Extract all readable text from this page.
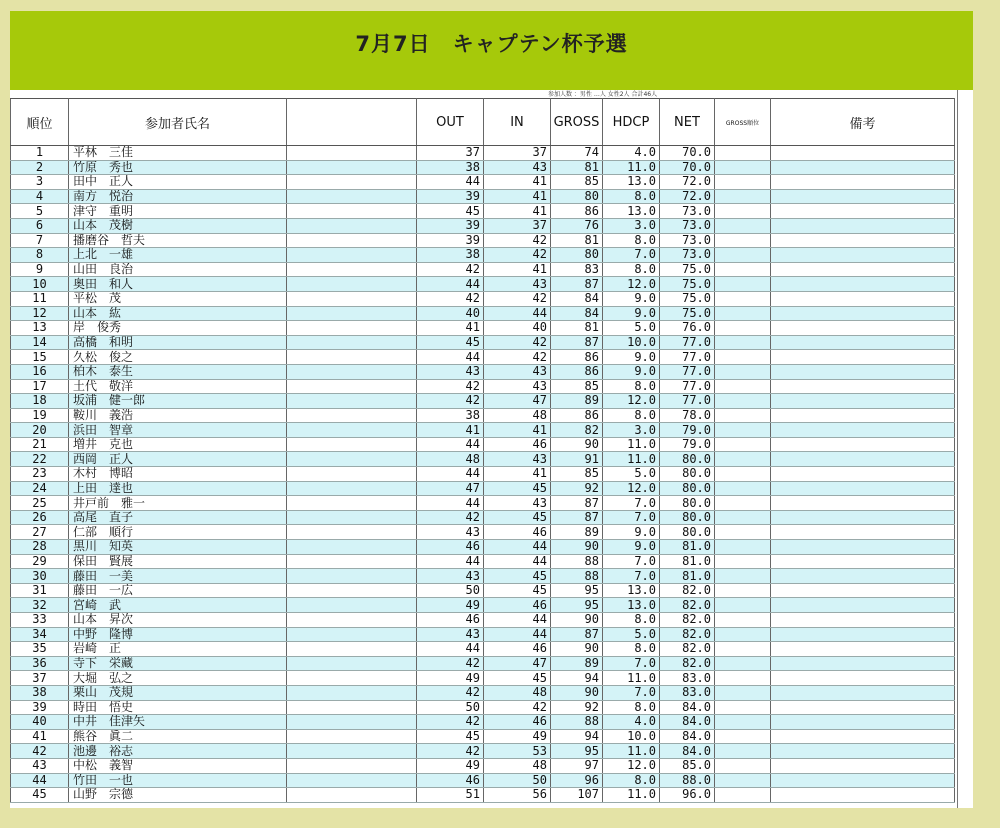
7月7日　キャプテン杯予選
順位	参加者氏名		OUT	IN	GROSS	HDCP	NET	GROSS順位	備考
1	平林　三佳		37	37	74	4.0	70.0		
2	竹原　秀也		38	43	81	11.0	70.0		
3	田中　正人		44	41	85	13.0	72.0		
4	南方　悦治		39	41	80	8.0	72.0		
5	津守　重明		45	41	86	13.0	73.0		
6	山本　茂樹		39	37	76	3.0	73.0		
7	播磨谷　哲夫		39	42	81	8.0	73.0		
8	上北　一雄		38	42	80	7.0	73.0		
9	山田　良治		42	41	83	8.0	75.0		
10	奥田　和人		44	43	87	12.0	75.0		
11	平松　茂		42	42	84	9.0	75.0		
12	山本　紘		40	44	84	9.0	75.0		
13	岸　俊秀		41	40	81	5.0	76.0		
14	高橋　和明		45	42	87	10.0	77.0		
15	久松　俊之		44	42	86	9.0	77.0		
16	柏木　泰生		43	43	86	9.0	77.0		
17	土代　敬洋		42	43	85	8.0	77.0		
18	坂浦　健一郎		42	47	89	12.0	77.0		
19	鞍川　義浩		38	48	86	8.0	78.0		
20	浜田　智章		41	41	82	3.0	79.0		
21	増井　克也		44	46	90	11.0	79.0		
22	西岡　正人		48	43	91	11.0	80.0		
23	木村　博昭		44	41	85	5.0	80.0		
24	上田　達也		47	45	92	12.0	80.0		
25	井戸前　雅一		44	43	87	7.0	80.0		
26	高尾　直子		42	45	87	7.0	80.0		
27	仁部　順行		43	46	89	9.0	80.0		
28	黒川　知英		46	44	90	9.0	81.0		
29	保田　賢展		44	44	88	7.0	81.0		
30	藤田　一美		43	45	88	7.0	81.0		
31	藤田　一広		50	45	95	13.0	82.0		
32	宮崎　武		49	46	95	13.0	82.0		
33	山本　昇次		46	44	90	8.0	82.0		
34	中野　隆博		43	44	87	5.0	82.0		
35	岩崎　正		44	46	90	8.0	82.0		
36	寺下　栄藏		42	47	89	7.0	82.0		
37	大堀　弘之		49	45	94	11.0	83.0		
38	栗山　茂規		42	48	90	7.0	83.0		
39	時田　悟史		50	42	92	8.0	84.0		
40	中井　佳津矢		42	46	88	4.0	84.0		
41	熊谷　眞二		45	49	94	10.0	84.0		
42	池邊　裕志		42	53	95	11.0	84.0		
43	中松　義智		49	48	97	12.0	85.0		
44	竹田　一也		46	50	96	8.0	88.0		
45	山野　宗德		51	56	107	11.0	96.0		
参加人数 ：男性 …人 女性2人 合計46人
